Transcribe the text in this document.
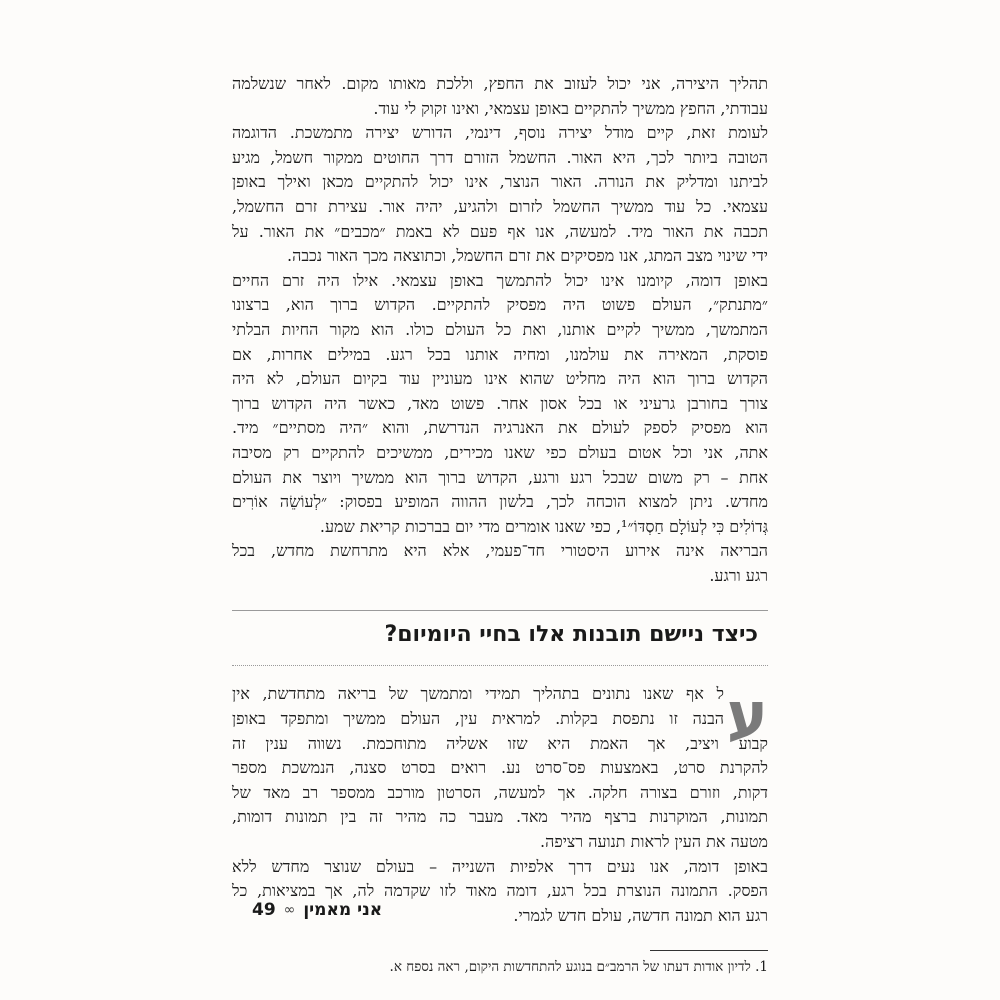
תהליך היצירה, אני יכול לעזוב את החפץ, וללכת מאותו מקום. לאחר שנשלמה
עבודתי, החפץ ממשיך להתקיים באופן עצמאי, ואינו זקוק לי עוד.

לעומת זאת, קיים מודל יצירה נוסף, דינמי, הדורש יצירה מתמשכת. הדוגמה
הטובה ביותר לכך, היא האור. החשמל הזורם דרך החוטים ממקור חשמל, מגיע
לביתנו ומדליק את הנורה. האור הנוצר, אינו יכול להתקיים מכאן ואילך באופן
עצמאי. כל עוד ממשיך החשמל לזרום ולהגיע, יהיה אור. עצירת זרם החשמל,
תכבה את האור מיד. למעשה, אנו אף פעם לא באמת ״מכבים״ את האור. על
ידי שינוי מצב המתג, אנו מפסיקים את זרם החשמל, וכתוצאה מכך האור נכבה.

באופן דומה, קיומנו אינו יכול להתמשך באופן עצמאי. אילו היה זרם החיים
״מתנתק״, העולם פשוט היה מפסיק להתקיים. הקדוש ברוך הוא, ברצונו
המתמשך, ממשיך לקיים אותנו, ואת כל העולם כולו. הוא מקור החיות הבלתי
פוסקת, המאירה את עולמנו, ומחיה אותנו בכל רגע. במילים אחרות, אם
הקדוש ברוך הוא היה מחליט שהוא אינו מעוניין עוד בקיום העולם, לא היה
צורך בחורבן גרעיני או בכל אסון אחר. פשוט מאד, כאשר היה הקדוש ברוך
הוא מפסיק לספק לעולם את האנרגיה הנדרשת, והוא ״היה מסתיים״ מיד.
אתה, אני וכל אטום בעולם כפי שאנו מכירים, ממשיכים להתקיים רק מסיבה
אחת – רק משום שבכל רגע ורגע, הקדוש ברוך הוא ממשיך ויוצר את העולם
מחדש. ניתן למצוא הוכחה לכך, בלשון ההווה המופיע בפסוק: ״לְעוֹשֵׂה אוֹרִים
גְּדוֹלִים כִּי לְעוֹלָם חַסְדּוֹ״¹, כפי שאנו אומרים מדי יום בברכות קריאת שמע.

הבריאה אינה אירוע היסטורי חד־פעמי, אלא היא מתרחשת מחדש, בכל
רגע ורגע.

כיצד ניישם תובנות אלו בחיי היומיום?
ע

ל אף שאנו נתונים בתהליך תמידי ומתמשך של בריאה מתחדשת, אין
הבנה זו נתפסת בקלות. למראית עין, העולם ממשיך ומתפקד באופן
קבוע ויציב, אך האמת היא שזו אשליה מתוחכמת. נשווה ענין זה
להקרנת סרט, באמצעות פס־סרט נע. רואים בסרט סצנה, הנמשכת מספר
דקות, וזורם בצורה חלקה. אך למעשה, הסרטון מורכב ממספר רב מאד של
תמונות, המוקרנות ברצף מהיר מאד. מעבר כה מהיר זה בין תמונות דומות,
מטעה את העין לראות תנועה רציפה.

באופן דומה, אנו נעים דרך אלפיות השנייה – בעולם שנוצר מחדש ללא
הפסק. התמונה הנוצרת בכל רגע, דומה מאוד לזו שקדמה לה, אך במציאות, כל
רגע הוא תמונה חדשה, עולם חדש לגמרי.

1. לדיון אודות דעתו של הרמב״ם בנוגע להתחדשות היקום, ראה נספח א.
אני מאמין
∞
49
